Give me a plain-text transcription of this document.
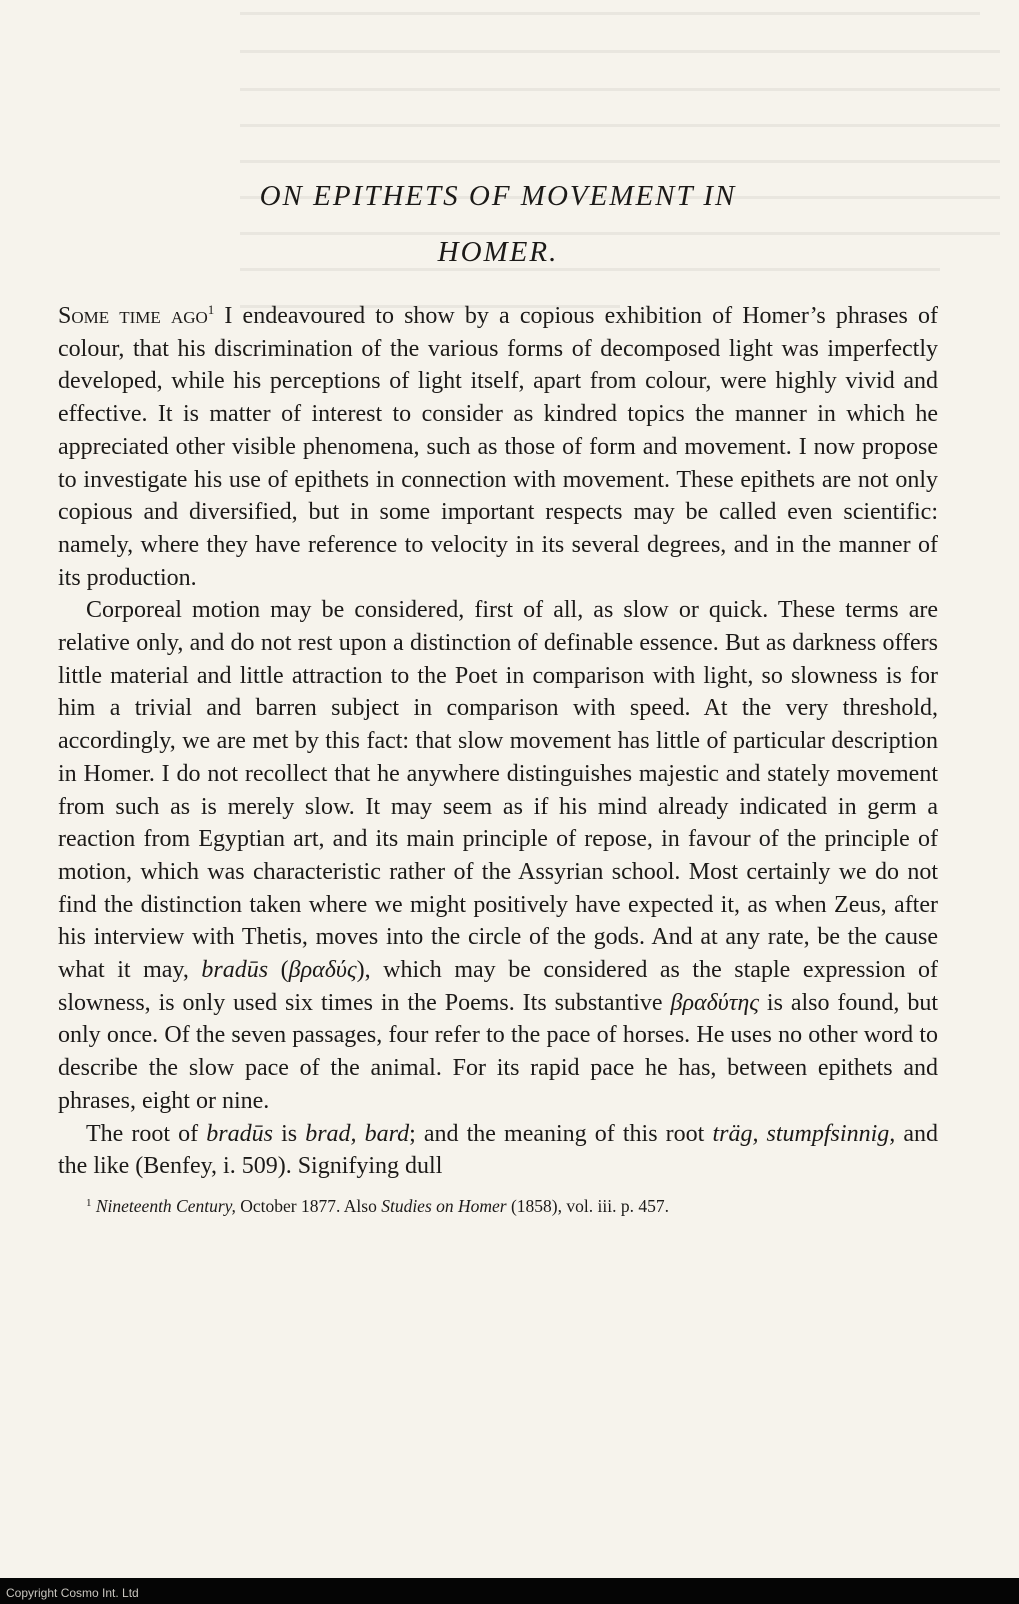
ON EPITHETS OF MOVEMENT IN
HOMER.

Some time ago$^1$ I endeavoured to show by a copious exhibition of Homer’s phrases of colour, that his discrimination of the various forms of decomposed light was imperfectly developed, while his perceptions of light itself, apart from colour, were highly vivid and effective. It is matter of interest to consider as kindred topics the manner in which he appreciated other visible phenomena, such as those of form and movement. I now propose to investigate his use of epithets in connection with movement. These epithets are not only copious and diversified, but in some important respects may be called even scientific: namely, where they have reference to velocity in its several degrees, and in the manner of its production.

Corporeal motion may be considered, first of all, as slow or quick. These terms are relative only, and do not rest upon a distinction of definable essence. But as darkness offers little material and little attraction to the Poet in comparison with light, so slowness is for him a trivial and barren subject in comparison with speed. At the very threshold, accordingly, we are met by this fact: that slow movement has little of particular description in Homer. I do not recollect that he anywhere distinguishes majestic and stately movement from such as is merely slow. It may seem as if his mind already indicated in germ a reaction from Egyptian art, and its main principle of repose, in favour of the principle of motion, which was characteristic rather of the Assyrian school. Most certainly we do not find the distinction taken where we might positively have expected it, as when Zeus, after his interview with Thetis, moves into the circle of the gods. And at any rate, be the cause what it may, bradūs (βραδύς), which may be considered as the staple expression of slowness, is only used six times in the Poems. Its substantive βραδύτης is also found, but only once. Of the seven passages, four refer to the pace of horses. He uses no other word to describe the slow pace of the animal. For its rapid pace he has, between epithets and phrases, eight or nine.

The root of bradūs is brad, bard; and the meaning of this root träg, stumpfsinnig, and the like (Benfey, i. 509). Signifying dull

$^1$ Nineteenth Century, October 1877. Also Studies on Homer (1858), vol. iii. p. 457.
Copyright Cosmo Int. Ltd
